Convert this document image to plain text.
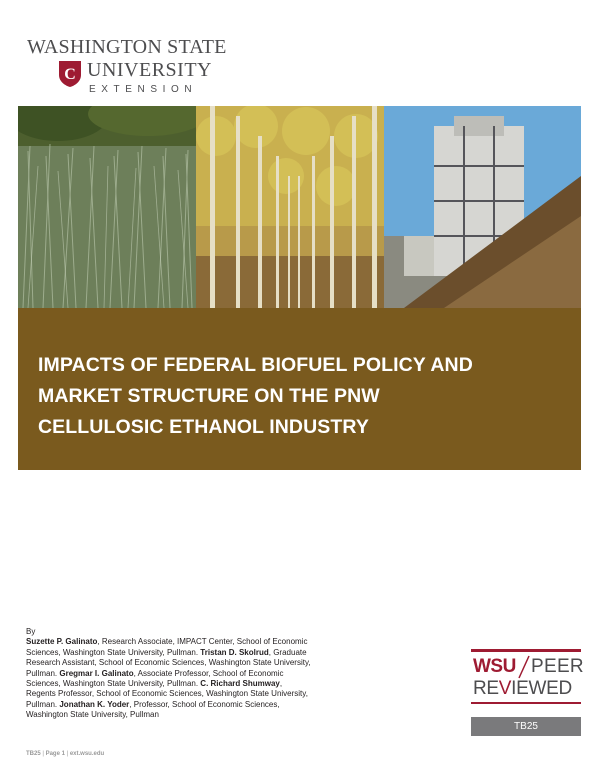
WASHINGTON STATE
C UNIVERSITY
EXTENSION
IMPACTS OF FEDERAL BIOFUEL POLICY AND
MARKET STRUCTURE ON THE PNW
CELLULOSIC ETHANOL INDUSTRY

By

Suzette P. Galinato, Research Associate, IMPACT Center, School of Economic Sciences, Washington State University, Pullman. Tristan D. Skolrud, Graduate Research Assistant, School of Economic Sciences, Washington State University, Pullman. Gregmar I. Galinato, Associate Professor, School of Economic Sciences, Washington State University, Pullman. C. Richard Shumway, Regents Professor, School of Economic Sciences, Washington State University, Pullman. Jonathan K. Yoder, Professor, School of Economic Sciences, Washington State University, Pullman

WSU PEER
REVIEWED
TB25
TB25 | Page 1 | ext.wsu.edu
